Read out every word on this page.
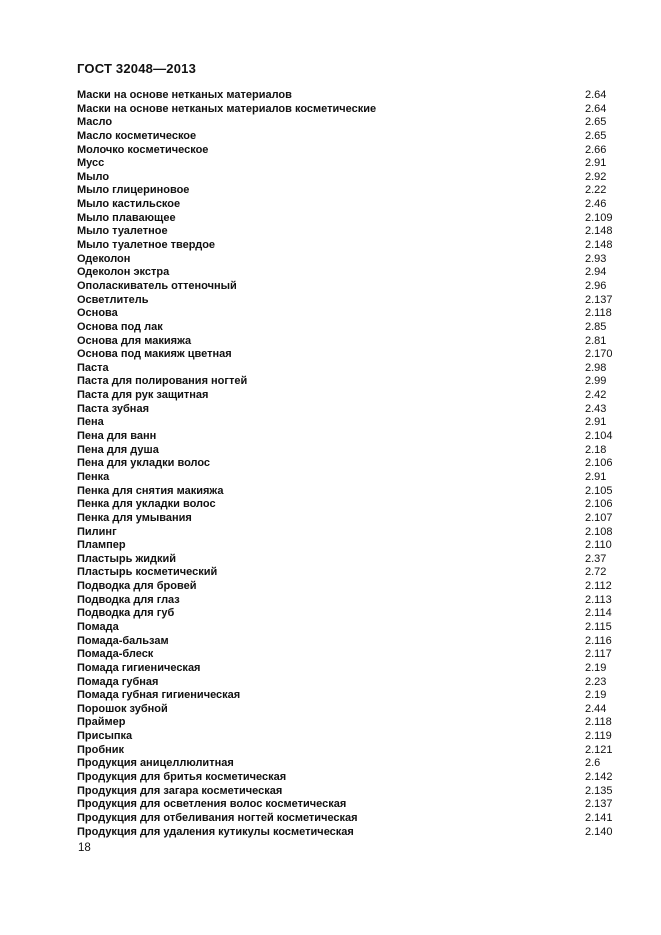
ГОСТ 32048—2013
Маски на основе нетканых материалов	2.64
Маски на основе нетканых материалов косметические	2.64
Масло	2.65
Масло косметическое	2.65
Молочко косметическое	2.66
Мусс	2.91
Мыло	2.92
Мыло глицериновое	2.22
Мыло кастильское	2.46
Мыло плавающее	2.109
Мыло туалетное	2.148
Мыло туалетное твердое	2.148
Одеколон	2.93
Одеколон экстра	2.94
Ополаскиватель оттеночный	2.96
Осветлитель	2.137
Основа	2.118
Основа под лак	2.85
Основа для макияжа	2.81
Основа под макияж цветная	2.170
Паста	2.98
Паста для полирования ногтей	2.99
Паста для рук защитная	2.42
Паста зубная	2.43
Пена	2.91
Пена для ванн	2.104
Пена для душа	2.18
Пена для укладки волос	2.106
Пенка	2.91
Пенка для снятия макияжа	2.105
Пенка для укладки волос	2.106
Пенка для умывания	2.107
Пилинг	2.108
Плампер	2.110
Пластырь жидкий	2.37
Пластырь косметический	2.72
Подводка для бровей	2.112
Подводка для глаз	2.113
Подводка для губ	2.114
Помада	2.115
Помада-бальзам	2.116
Помада-блеск	2.117
Помада гигиеническая	2.19
Помада губная	2.23
Помада губная гигиеническая	2.19
Порошок зубной	2.44
Праймер	2.118
Присыпка	2.119
Пробник	2.121
Продукция аницеллюлитная	2.6
Продукция для бритья косметическая	2.142
Продукция для загара косметическая	2.135
Продукция для осветления волос косметическая	2.137
Продукция для отбеливания ногтей косметическая	2.141
Продукция для удаления кутикулы косметическая	2.140
18
